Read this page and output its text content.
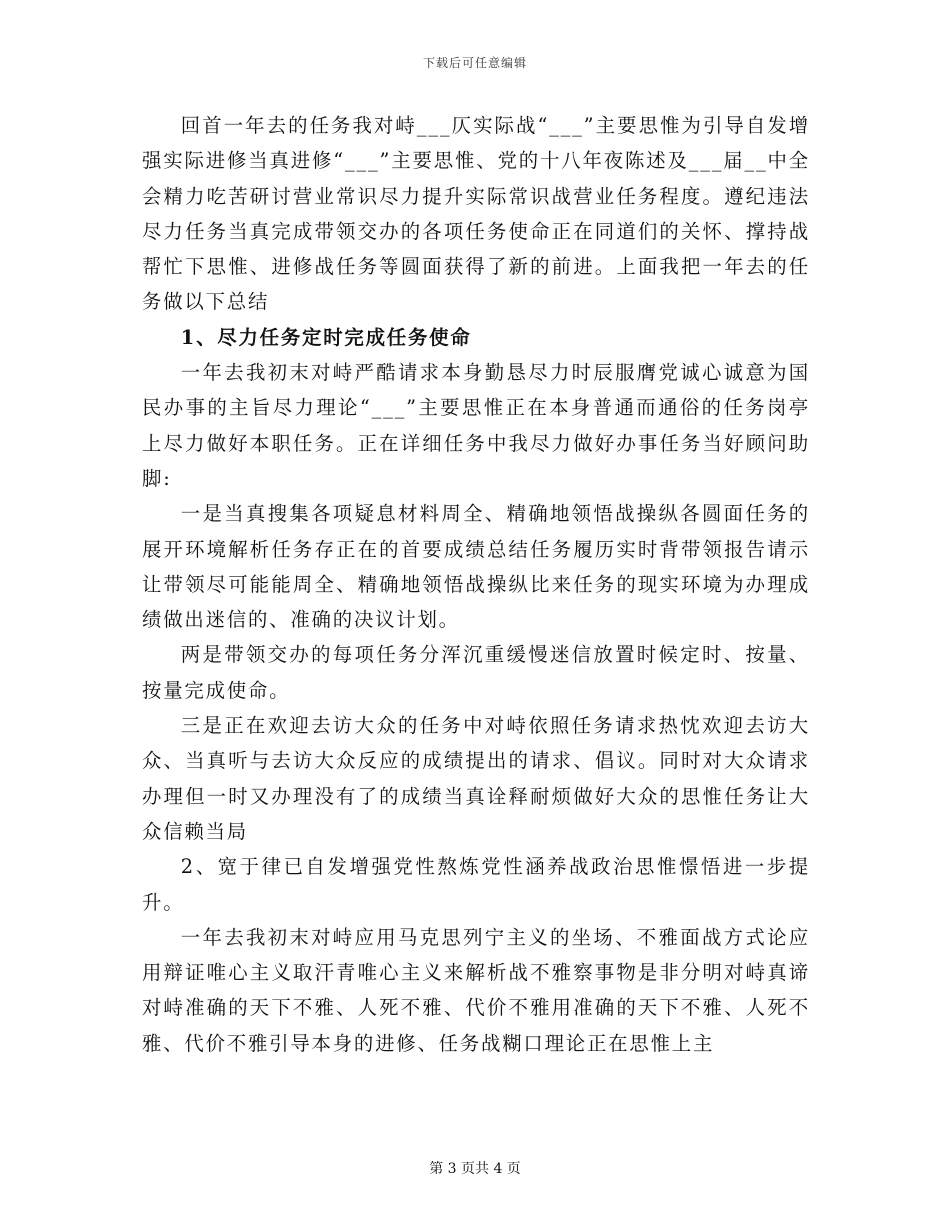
下载后可任意编辑

回首一年去的任务我对峙___仄实际战“___”主要思惟为引导自发增强实际进修当真进修“___”主要思惟、党的十八年夜陈述及___届__中全会精力吃苦研讨营业常识尽力提升实际常识战营业任务程度。遵纪违法尽力任务当真完成带领交办的各项任务使命正在同道们的关怀、撑持战帮忙下思惟、进修战任务等圆面获得了新的前进。上面我把一年去的任务做以下总结

1、尽力任务定时完成任务使命

一年去我初末对峙严酷请求本身勤恳尽力时辰服膺党诚心诚意为国民办事的主旨尽力理论“___”主要思惟正在本身普通而通俗的任务岗亭上尽力做好本职任务。正在详细任务中我尽力做好办事任务当好顾问助脚:

一是当真搜集各项疑息材料周全、精确地领悟战操纵各圆面任务的展开环境解析任务存正在的首要成绩总结任务履历实时背带领报告请示让带领尽可能能周全、精确地领悟战操纵比来任务的现实环境为办理成绩做出迷信的、准确的决议计划。

两是带领交办的每项任务分浑沉重缓慢迷信放置时候定时、按量、按量完成使命。

三是正在欢迎去访大众的任务中对峙依照任务请求热忱欢迎去访大众、当真听与去访大众反应的成绩提出的请求、倡议。同时对大众请求办理但一时又办理没有了的成绩当真诠释耐烦做好大众的思惟任务让大众信赖当局

2、宽于律已自发增强党性熬炼党性涵养战政治思惟憬悟进一步提升。

一年去我初末对峙应用马克思列宁主义的坐场、不雅面战方式论应用辩证唯心主义取汗青唯心主义来解析战不雅察事物是非分明对峙真谛对峙准确的天下不雅、人死不雅、代价不雅用准确的天下不雅、人死不雅、代价不雅引导本身的进修、任务战糊口理论正在思惟上主

第 3 页共 4 页
